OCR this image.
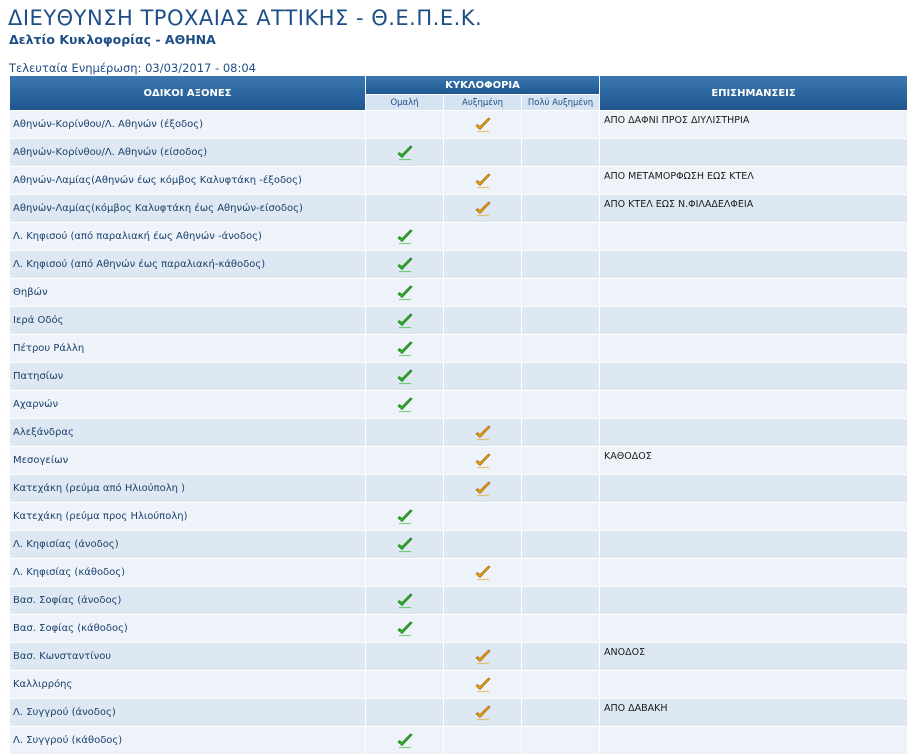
ΔΙΕΥΘΥΝΣΗ ΤΡΟΧΑΙΑΣ ΑΤΤΙΚΗΣ - Θ.Ε.Π.Ε.Κ.
Δελτίο Κυκλοφορίας - ΑΘΗΝΑ
Τελευταία Ενημέρωση: 03/03/2017 - 08:04
ΟΔΙΚΟΙ ΑΞΟΝΕΣ	ΚΥΚΛΟΦΟΡΙΑ			ΕΠΙΣΗΜΑΝΣΕΙΣ
	Ομαλή	Αυξημένη	Πολύ Αυξημένη	
Αθηνών-Κορίνθου/Λ. Αθηνών (έξοδος)				ΑΠΟ ΔΑΦΝΙ ΠΡΟΣ ΔΙΥΛΙΣΤΗΡΙΑ
Αθηνών-Κορίνθου/Λ. Αθηνών (είσοδος)				
Αθηνών-Λαμίας(Αθηνών έως κόμβος Καλυφτάκη -έξοδος)				ΑΠΟ ΜΕΤΑΜΟΡΦΩΣΗ ΕΩΣ ΚΤΕΛ
Αθηνών-Λαμίας(κόμβος Καλυφτάκη έως Αθηνών-είσοδος)				ΑΠΟ ΚΤΕΛ ΕΩΣ Ν.ΦΙΛΑΔΕΛΦΕΙΑ
Λ. Κηφισού (από παραλιακή έως Αθηνών -άνοδος)				
Λ. Κηφισού (από Αθηνών έως παραλιακή-κάθοδος)				
Θηβών				
Ιερά Οδός				
Πέτρου Ράλλη				
Πατησίων				
Αχαρνών				
Αλεξάνδρας				
Μεσογείων				ΚΑΘΟΔΟΣ
Κατεχάκη (ρεύμα από Ηλιούπολη )				
Κατεχάκη (ρεύμα προς Ηλιούπολη)				
Λ. Κηφισίας (άνοδος)				
Λ. Κηφισίας (κάθοδος)				
Βασ. Σοφίας (άνοδος)				
Βασ. Σοφίας (κάθοδος)				
Βασ. Κωνσταντίνου				ΑΝΟΔΟΣ
Καλλιρρόης				
Λ. Συγγρού (άνοδος)				ΑΠΟ ΔΑΒΑΚΗ
Λ. Συγγρού (κάθοδος)				
